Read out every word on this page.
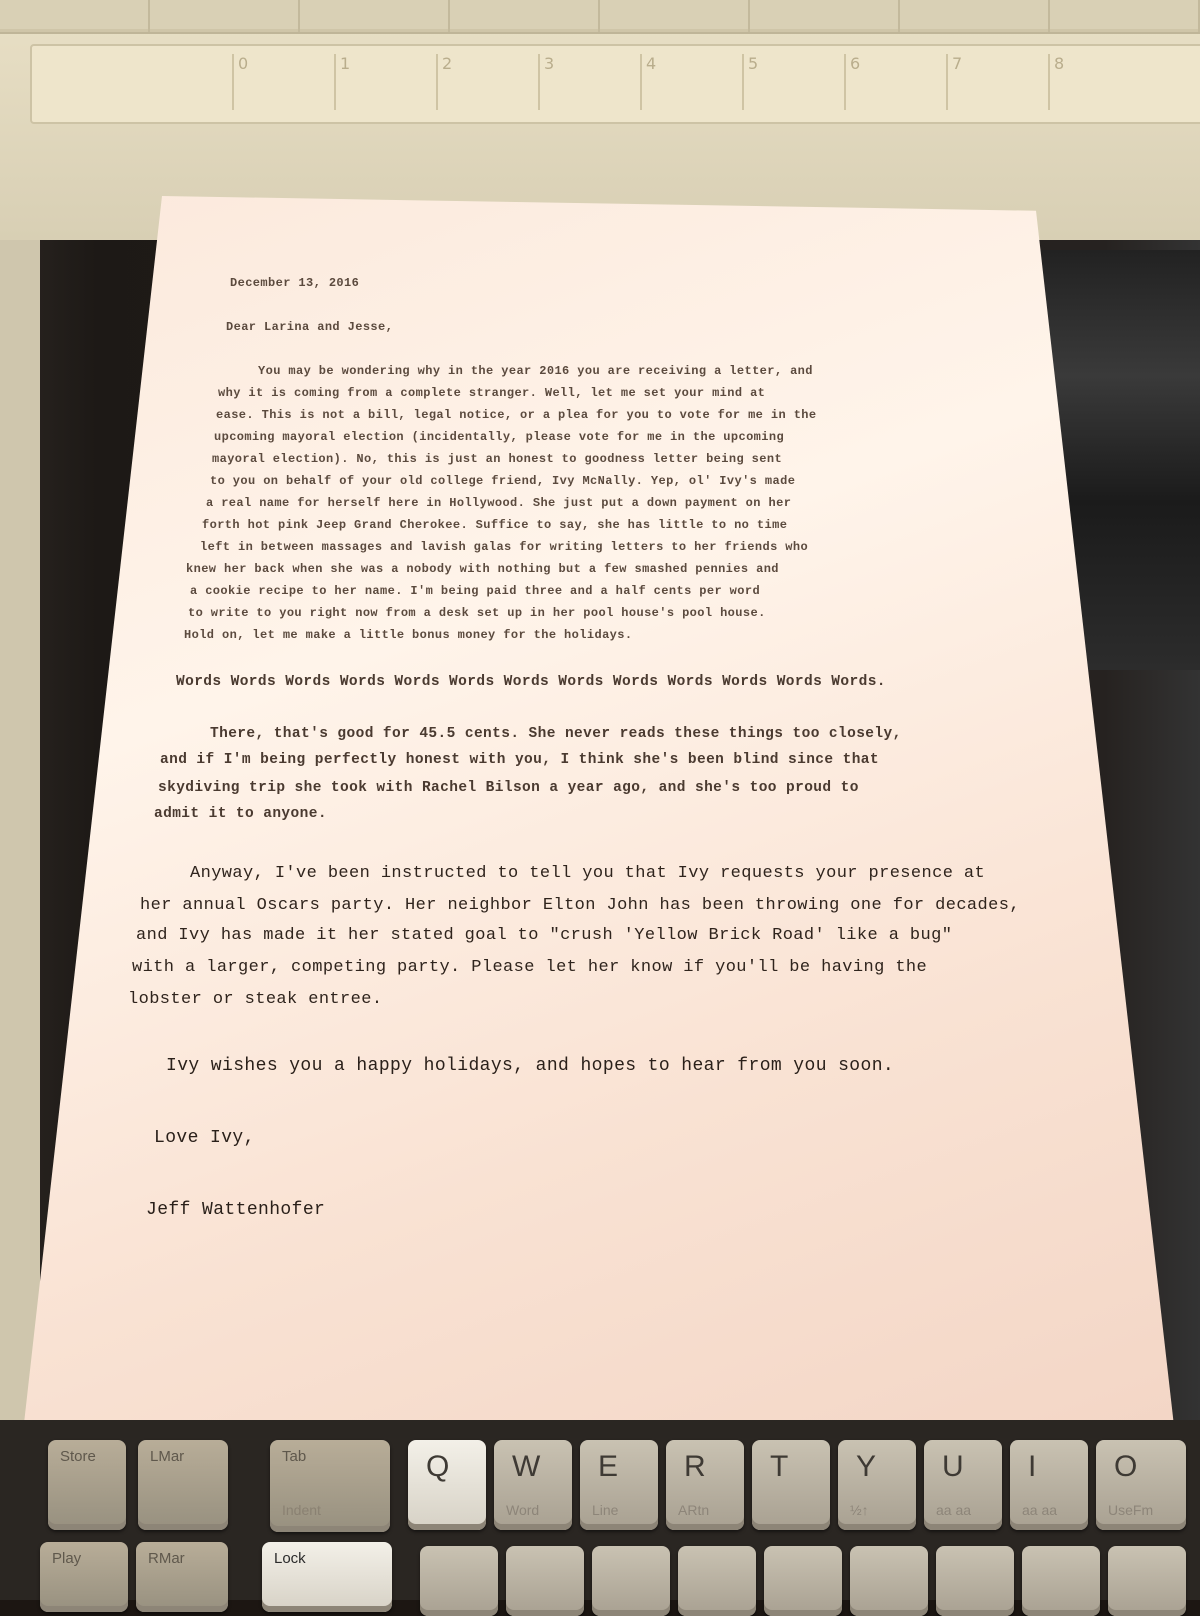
0	1	2	3	4	5	6	7	8
December 13, 2016
Dear Larina and Jesse,
You may be wondering why in the year 2016 you are receiving a letter, and
why it is coming from a complete stranger. Well, let me set your mind at
ease. This is not a bill, legal notice, or a plea for you to vote for me in the
upcoming mayoral election (incidentally, please vote for me in the upcoming
mayoral election). No, this is just an honest to goodness letter being sent
to you on behalf of your old college friend, Ivy McNally. Yep, ol' Ivy's made
a real name for herself here in Hollywood. She just put a down payment on her
forth hot pink Jeep Grand Cherokee. Suffice to say, she has little to no time
left in between massages and lavish galas for writing letters to her friends who
knew her back when she was a nobody with nothing but a few smashed pennies and
a cookie recipe to her name. I'm being paid three and a half cents per word
to write to you right now from a desk set up in her pool house's pool house.
Hold on, let me make a little bonus money for the holidays.
Words Words Words Words Words Words Words Words Words Words Words Words Words.
There, that's good for 45.5 cents. She never reads these things too closely,
and if I'm being perfectly honest with you, I think she's been blind since that
skydiving trip she took with Rachel Bilson a year ago, and she's too proud to
admit it to anyone.
Anyway, I've been instructed to tell you that Ivy requests your presence at
her annual Oscars party. Her neighbor Elton John has been throwing one for decades,
and Ivy has made it her stated goal to "crush 'Yellow Brick Road' like a bug"
with a larger, competing party. Please let her know if you'll be having the
lobster or steak entree.
Ivy wishes you a happy holidays, and hopes to hear from you soon.
Love Ivy,
Jeff Wattenhofer
Store	LMar	Tab
Indent
Q W
Word
E
Line
R
ARtn
T Y
½↑
U
aa aa
I
aa aa
O
UseFm
Play	RMar	Lock
